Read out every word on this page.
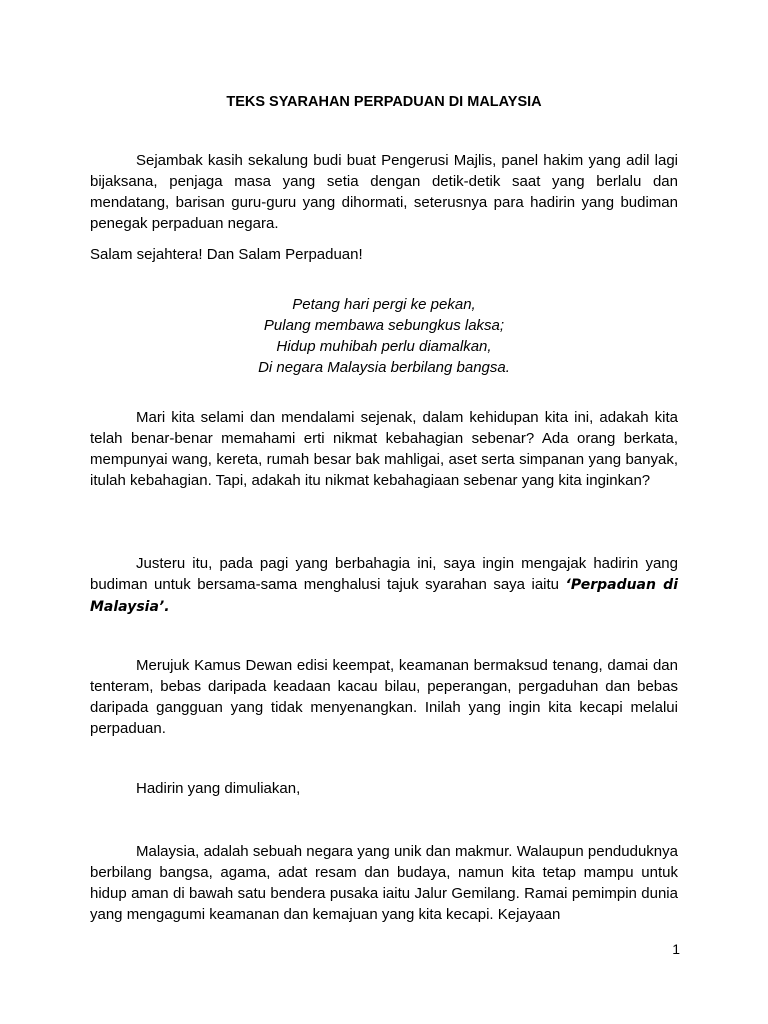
TEKS SYARAHAN PERPADUAN DI MALAYSIA
Sejambak kasih sekalung budi buat Pengerusi Majlis, panel hakim yang adil lagi bijaksana, penjaga masa yang setia dengan detik-detik saat yang berlalu dan mendatang, barisan guru-guru yang dihormati, seterusnya para hadirin yang budiman penegak perpaduan negara.
Salam sejahtera! Dan Salam Perpaduan!
Petang hari pergi ke pekan,
Pulang membawa sebungkus laksa;
Hidup muhibah perlu diamalkan,
Di negara Malaysia berbilang bangsa.
Mari kita selami dan mendalami sejenak, dalam kehidupan kita ini, adakah kita telah benar-benar memahami erti nikmat kebahagian sebenar? Ada orang berkata, mempunyai wang, kereta, rumah besar bak mahligai, aset serta simpanan yang banyak, itulah kebahagian. Tapi, adakah itu nikmat kebahagiaan sebenar yang kita inginkan?
Justeru itu, pada pagi yang berbahagia ini, saya ingin mengajak hadirin yang budiman untuk bersama-sama menghalusi tajuk syarahan saya iaitu ‘Perpaduan di Malaysia’.
Merujuk Kamus Dewan edisi keempat, keamanan bermaksud tenang, damai dan tenteram, bebas daripada keadaan kacau bilau, peperangan, pergaduhan dan bebas daripada gangguan yang tidak menyenangkan. Inilah yang ingin kita kecapi melalui perpaduan.
Hadirin yang dimuliakan,
Malaysia, adalah sebuah negara yang unik dan makmur. Walaupun penduduknya berbilang bangsa, agama, adat resam dan budaya, namun kita tetap mampu untuk hidup aman di bawah satu bendera pusaka iaitu Jalur Gemilang. Ramai pemimpin dunia yang mengagumi keamanan dan kemajuan yang kita kecapi. Kejayaan
1
